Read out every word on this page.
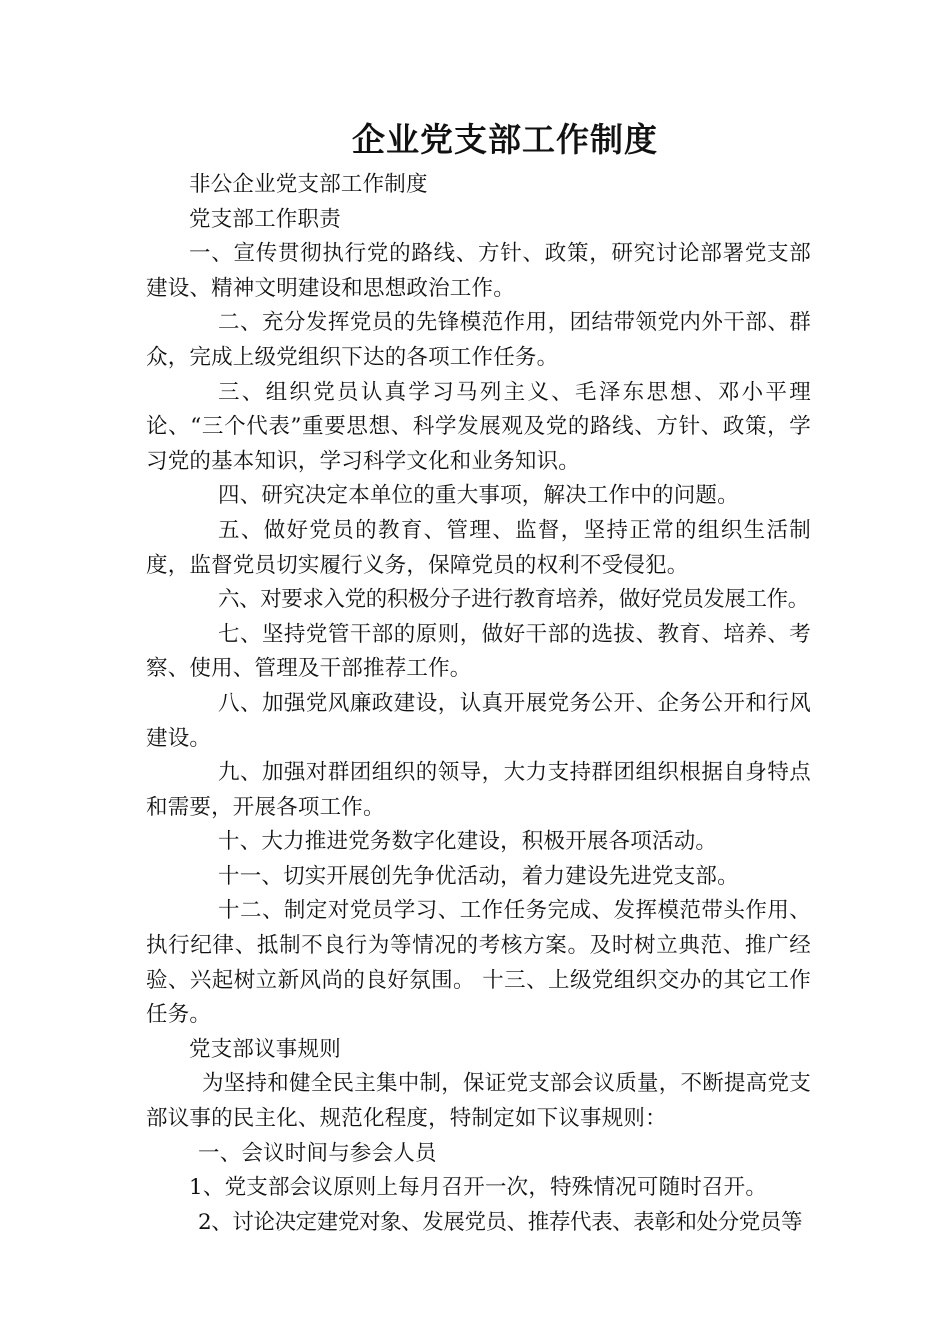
企业党支部工作制度

非公企业党支部工作制度

党支部工作职责

一、宣传贯彻执行党的路线、方针、政策，研究讨论部署党支部建设、精神文明建设和思想政治工作。

二、充分发挥党员的先锋模范作用，团结带领党内外干部、群众，完成上级党组织下达的各项工作任务。

三、组织党员认真学习马列主义、毛泽东思想、邓小平理论、“三个代表”重要思想、科学发展观及党的路线、方针、政策，学习党的基本知识，学习科学文化和业务知识。

四、研究决定本单位的重大事项，解决工作中的问题。

五、做好党员的教育、管理、监督，坚持正常的组织生活制度，监督党员切实履行义务，保障党员的权利不受侵犯。

六、对要求入党的积极分子进行教育培养，做好党员发展工作。

七、坚持党管干部的原则，做好干部的选拔、教育、培养、考察、使用、管理及干部推荐工作。

八、加强党风廉政建设，认真开展党务公开、企务公开和行风建设。

九、加强对群团组织的领导，大力支持群团组织根据自身特点和需要，开展各项工作。

十、大力推进党务数字化建设，积极开展各项活动。

十一、切实开展创先争优活动，着力建设先进党支部。

十二、制定对党员学习、工作任务完成、发挥模范带头作用、执行纪律、抵制不良行为等情况的考核方案。及时树立典范、推广经验、兴起树立新风尚的良好氛围。 十三、上级党组织交办的其它工作任务。

党支部议事规则

为坚持和健全民主集中制，保证党支部会议质量，不断提高党支部议事的民主化、规范化程度，特制定如下议事规则：

一、会议时间与参会人员

1、党支部会议原则上每月召开一次，特殊情况可随时召开。

2、讨论决定建党对象、发展党员、推荐代表、表彰和处分党员等
